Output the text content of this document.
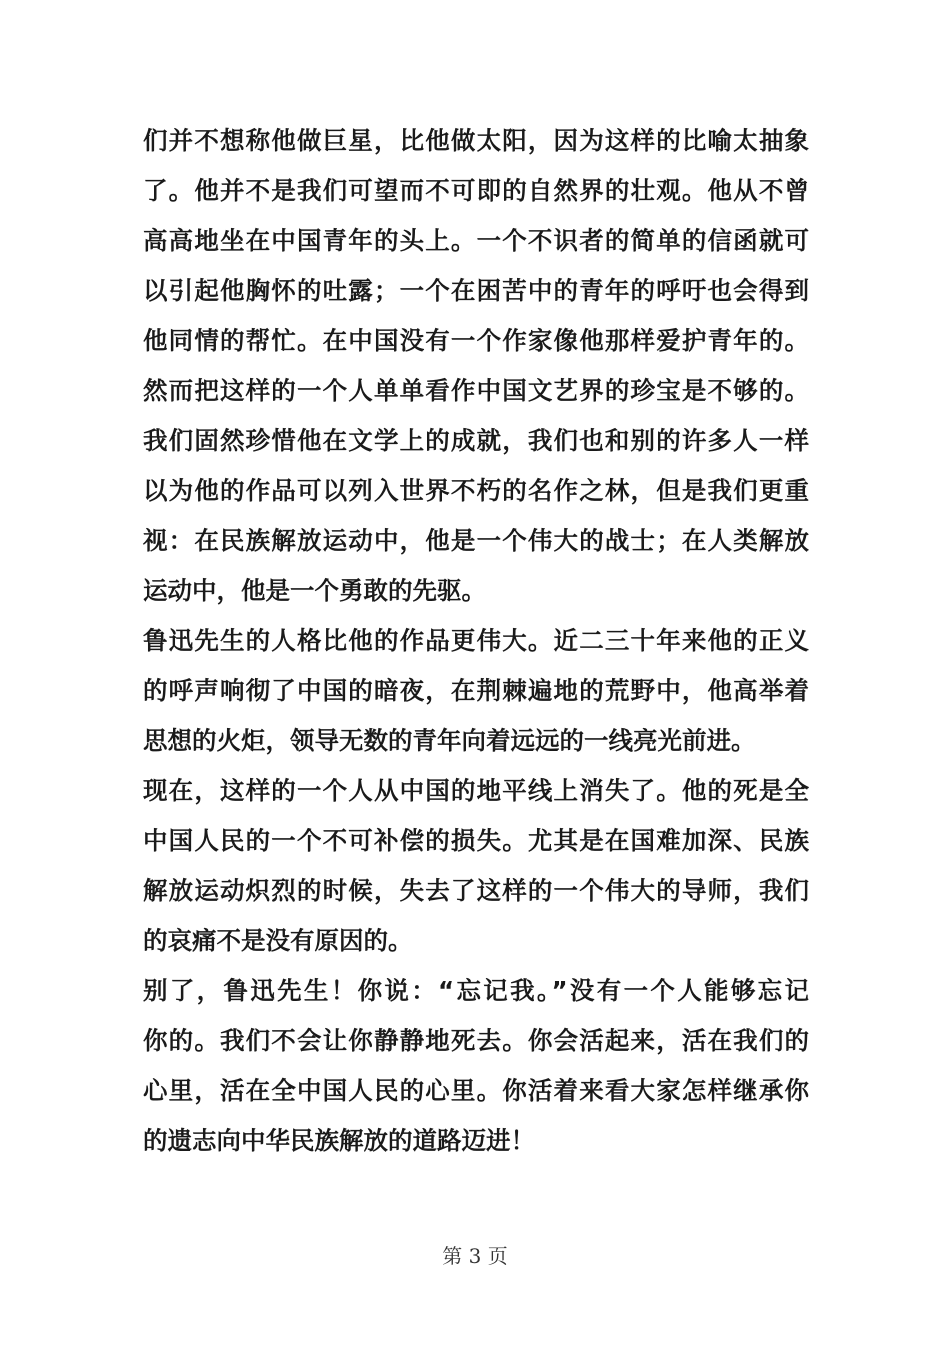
们并不想称他做巨星，比他做太阳，因为这样的比喻太抽象
了。他并不是我们可望而不可即的自然界的壮观。他从不曾
高高地坐在中国青年的头上。一个不识者的简单的信函就可
以引起他胸怀的吐露；一个在困苦中的青年的呼吁也会得到
他同情的帮忙。在中国没有一个作家像他那样爱护青年的。
然而把这样的一个人单单看作中国文艺界的珍宝是不够的。
我们固然珍惜他在文学上的成就，我们也和别的许多人一样
以为他的作品可以列入世界不朽的名作之林，但是我们更重
视：在民族解放运动中，他是一个伟大的战士；在人类解放
运动中，他是一个勇敢的先驱。
鲁迅先生的人格比他的作品更伟大。近二三十年来他的正义
的呼声响彻了中国的暗夜，在荆棘遍地的荒野中，他高举着
思想的火炬，领导无数的青年向着远远的一线亮光前进。
现在，这样的一个人从中国的地平线上消失了。他的死是全
中国人民的一个不可补偿的损失。尤其是在国难加深、民族
解放运动炽烈的时候，失去了这样的一个伟大的导师，我们
的哀痛不是没有原因的。
别了，鲁迅先生！你说：“忘记我。”没有一个人能够忘记
你的。我们不会让你静静地死去。你会活起来，活在我们的
心里，活在全中国人民的心里。你活着来看大家怎样继承你
的遗志向中华民族解放的道路迈进！
第 3 页
